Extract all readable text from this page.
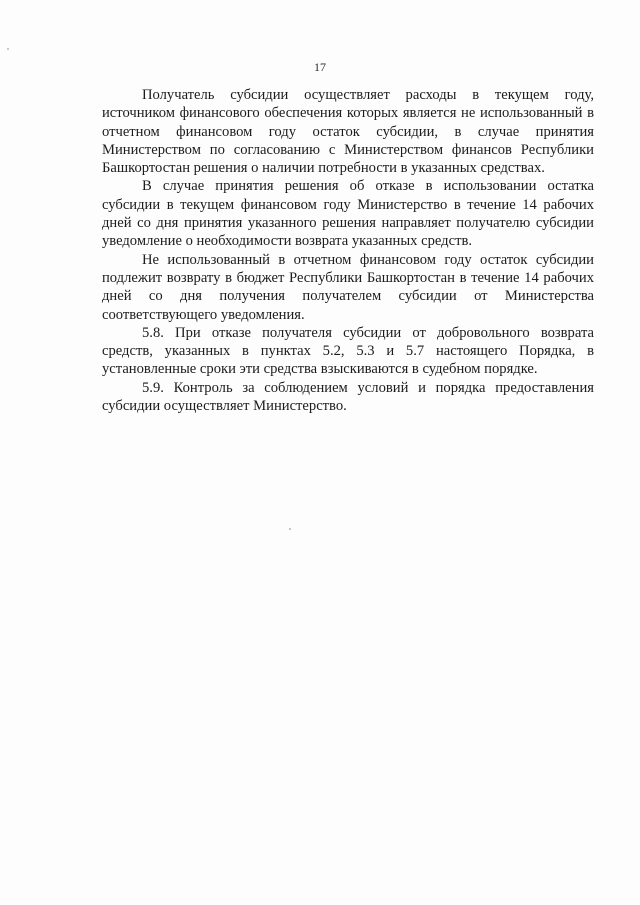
17

Получатель субсидии осуществляет расходы в текущем году, источником финансового обеспечения которых является не использованный в отчетном финансовом году остаток субсидии, в случае принятия Министерством по согласованию с Министерством финансов Республики Башкортостан решения о наличии потребности в указанных средствах.

В случае принятия решения об отказе в использовании остатка субсидии в текущем финансовом году Министерство в течение 14 рабочих дней со дня принятия указанного решения направляет получателю субсидии уведомление о необходимости возврата указанных средств.

Не использованный в отчетном финансовом году остаток субсидии подлежит возврату в бюджет Республики Башкортостан в течение 14 рабочих дней со дня получения получателем субсидии от Министерства соответствующего уведомления.

5.8. При отказе получателя субсидии от добровольного возврата средств, указанных в пунктах 5.2, 5.3 и 5.7 настоящего Порядка, в установленные сроки эти средства взыскиваются в судебном порядке.

5.9. Контроль за соблюдением условий и порядка предоставления субсидии осуществляет Министерство.
